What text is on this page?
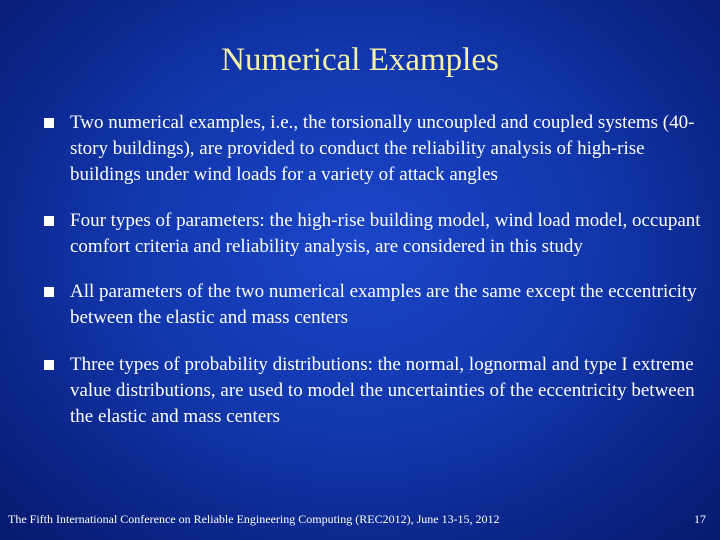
Numerical Examples
Two numerical examples, i.e., the torsionally uncoupled and coupled systems (40-story buildings), are provided to conduct the reliability analysis of high-rise buildings under wind loads for a variety of attack angles
Four types of parameters: the high-rise building model, wind load model, occupant comfort criteria and reliability analysis, are considered in this study
All parameters of the two numerical examples are the same except the eccentricity between the elastic and mass centers
Three types of probability distributions: the normal, lognormal and type I extreme value distributions, are used to model the uncertainties of the eccentricity between the elastic and mass centers
The Fifth International Conference on Reliable Engineering Computing (REC2012), June 13-15, 2012	17
